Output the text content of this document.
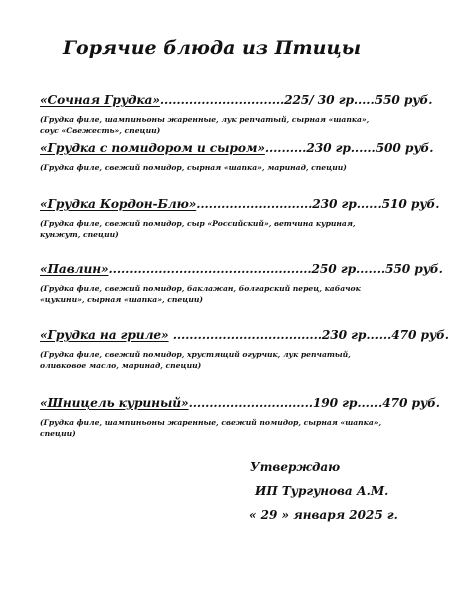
Горячие блюда из Птицы
«Сочная Грудка»..............................225/ 30 гр.....550 руб.
(Грудка филе, шампиньоны жаренные, лук репчатый, сырная «шапка», соус «Свежесть», специи)
«Грудка с помидором и сыром»..........230 гр......500 руб.
(Грудка филе, свежий помидор, сырная «шапка», маринад, специи)
«Грудка Кордон-Блю»............................230 гр......510 руб.
(Грудка филе, свежий помидор, сыр «Российский», ветчина куриная, кунжут, специи)
«Павлин».................................................250 гр.......550 руб.
(Грудка филе, свежий помидор, баклажан, болгарский перец, кабачок «цукини», сырная «шапка», специи)
«Грудка на гриле» ....................................230 гр......470 руб.
(Грудка филе, свежий помидор, хрустящий огурчик, лук репчатый, оливковое масло, маринад, специи)
«Шницель куриный»..............................190 гр......470 руб.
(Грудка филе, шампиньоны жаренные, свежий помидор, сырная «шапка», специи)
Утверждаю
ИП Тургунова А.М.
« 29 » января 2025 г.
